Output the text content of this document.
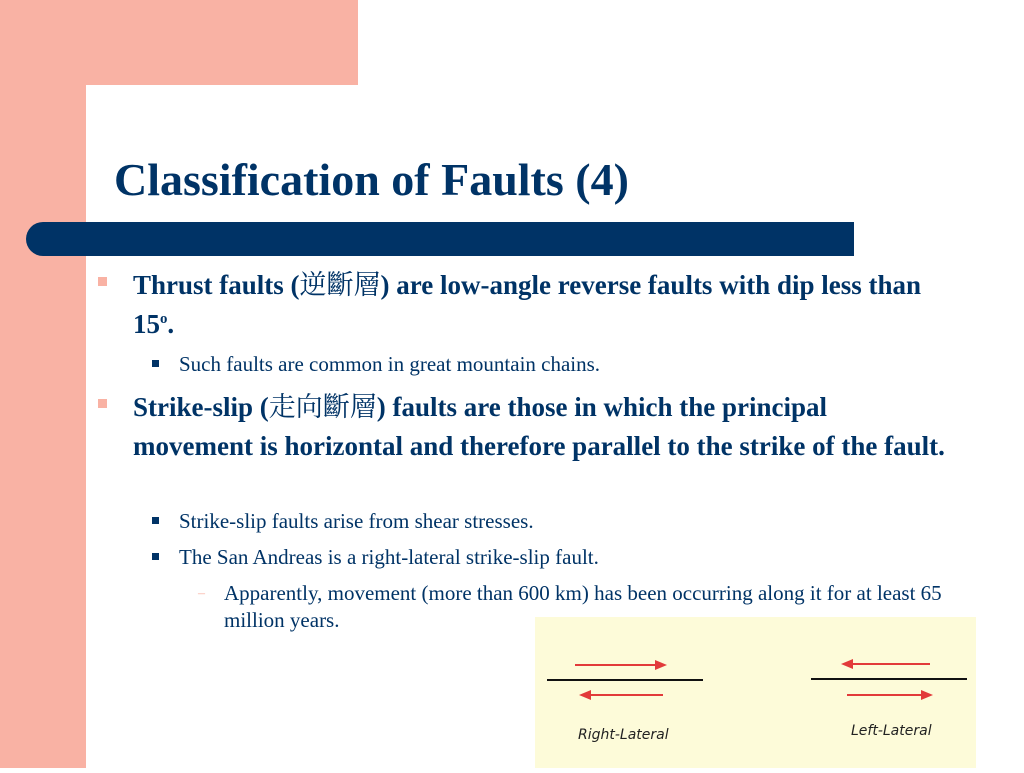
Classification of Faults (4)
Thrust faults (逆斷層) are low-angle reverse faults with dip less than 15$^o$.
Such faults are common in great mountain chains.
Strike-slip (走向斷層) faults are those in which the principal movement is horizontal and therefore parallel to the strike of the fault.
Strike-slip faults arise from shear stresses.
The San Andreas is a right-lateral strike-slip fault.
– Apparently, movement (more than 600 km) has been occurring along it for at least 65 million years.
Right-Lateral	Left-Lateral
